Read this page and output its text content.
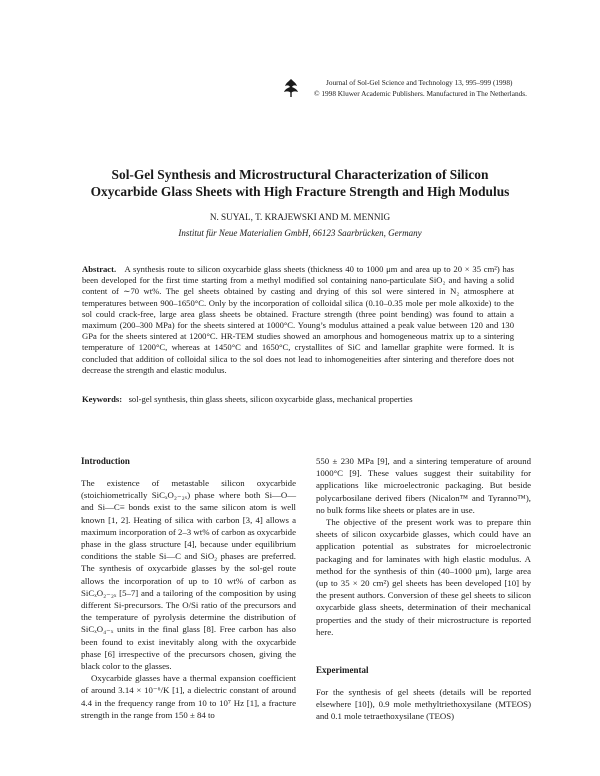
Journal of Sol-Gel Science and Technology 13, 995–999 (1998)
© 1998 Kluwer Academic Publishers. Manufactured in The Netherlands.
Sol-Gel Synthesis and Microstructural Characterization of Silicon
Oxycarbide Glass Sheets with High Fracture Strength and High Modulus
N. SUYAL, T. KRAJEWSKI AND M. MENNIG
Institut für Neue Materialien GmbH, 66123 Saarbrücken, Germany
Abstract. A synthesis route to silicon oxycarbide glass sheets (thickness 40 to 1000 μm and area up to 20 × 35 cm²) has been developed for the first time starting from a methyl modified sol containing nano-particulate SiO₂ and having a solid content of ∼70 wt%. The gel sheets obtained by casting and drying of this sol were sintered in N₂ atmosphere at temperatures between 900–1650°C. Only by the incorporation of colloidal silica (0.10–0.35 mole per mole alkoxide) to the sol could crack-free, large area glass sheets be obtained. Fracture strength (three point bending) was found to attain a maximum (200–300 MPa) for the sheets sintered at 1000°C. Young’s modulus attained a peak value between 120 and 130 GPa for the sheets sintered at 1200°C. HR-TEM studies showed an amorphous and homogeneous matrix up to a sintering temperature of 1200°C, whereas at 1450°C and 1650°C, crystallites of SiC and lamellar graphite were formed. It is concluded that addition of colloidal silica to the sol does not lead to inhomogeneities after sintering and therefore does not decrease the strength and elastic modulus.
Keywords: sol-gel synthesis, thin glass sheets, silicon oxycarbide glass, mechanical properties
Introduction

The existence of metastable silicon oxycarbide (stoichiometrically SiCₓO₂₋₂ₓ) phase where both Si—O— and Si—C≡ bonds exist to the same silicon atom is well known [1, 2]. Heating of silica with carbon [3, 4] allows a maximum incorporation of 2–3 wt% of carbon as oxycarbide phase in the glass structure [4], because under equilibrium conditions the stable Si—C and SiO₂ phases are preferred. The synthesis of oxycarbide glasses by the sol-gel route allows the incorporation of up to 10 wt% of carbon as SiCₓO₂₋₂ₓ [5–7] and a tailoring of the composition by using different Si-precursors. The O/Si ratio of the precursors and the temperature of pyrolysis determine the distribution of SiCₓO₄₋ₓ units in the final glass [8]. Free carbon has also been found to exist inevitably along with the oxycarbide phase [6] irrespective of the precursors chosen, giving the black color to the glasses.

Oxycarbide glasses have a thermal expansion coefficient of around 3.14 × 10⁻⁶/K [1], a dielectric constant of around 4.4 in the frequency range from 10 to 10⁷ Hz [1], a fracture strength in the range from 150 ± 84 to

550 ± 230 MPa [9], and a sintering temperature of around 1000°C [9]. These values suggest their suitability for applications like microelectronic packaging. But beside polycarbosilane derived fibers (Nicalon™ and Tyranno™), no bulk forms like sheets or plates are in use.

The objective of the present work was to prepare thin sheets of silicon oxycarbide glasses, which could have an application potential as substrates for microelectronic packaging and for laminates with high elastic modulus. A method for the synthesis of thin (40–1000 μm), large area (up to 35 × 20 cm²) gel sheets has been developed [10] by the present authors. Conversion of these gel sheets to silicon oxycarbide glass sheets, determination of their mechanical properties and the study of their microstructure is reported here.

Experimental

For the synthesis of gel sheets (details will be reported elsewhere [10]), 0.9 mole methyltriethoxysilane (MTEOS) and 0.1 mole tetraethoxysilane (TEOS)
